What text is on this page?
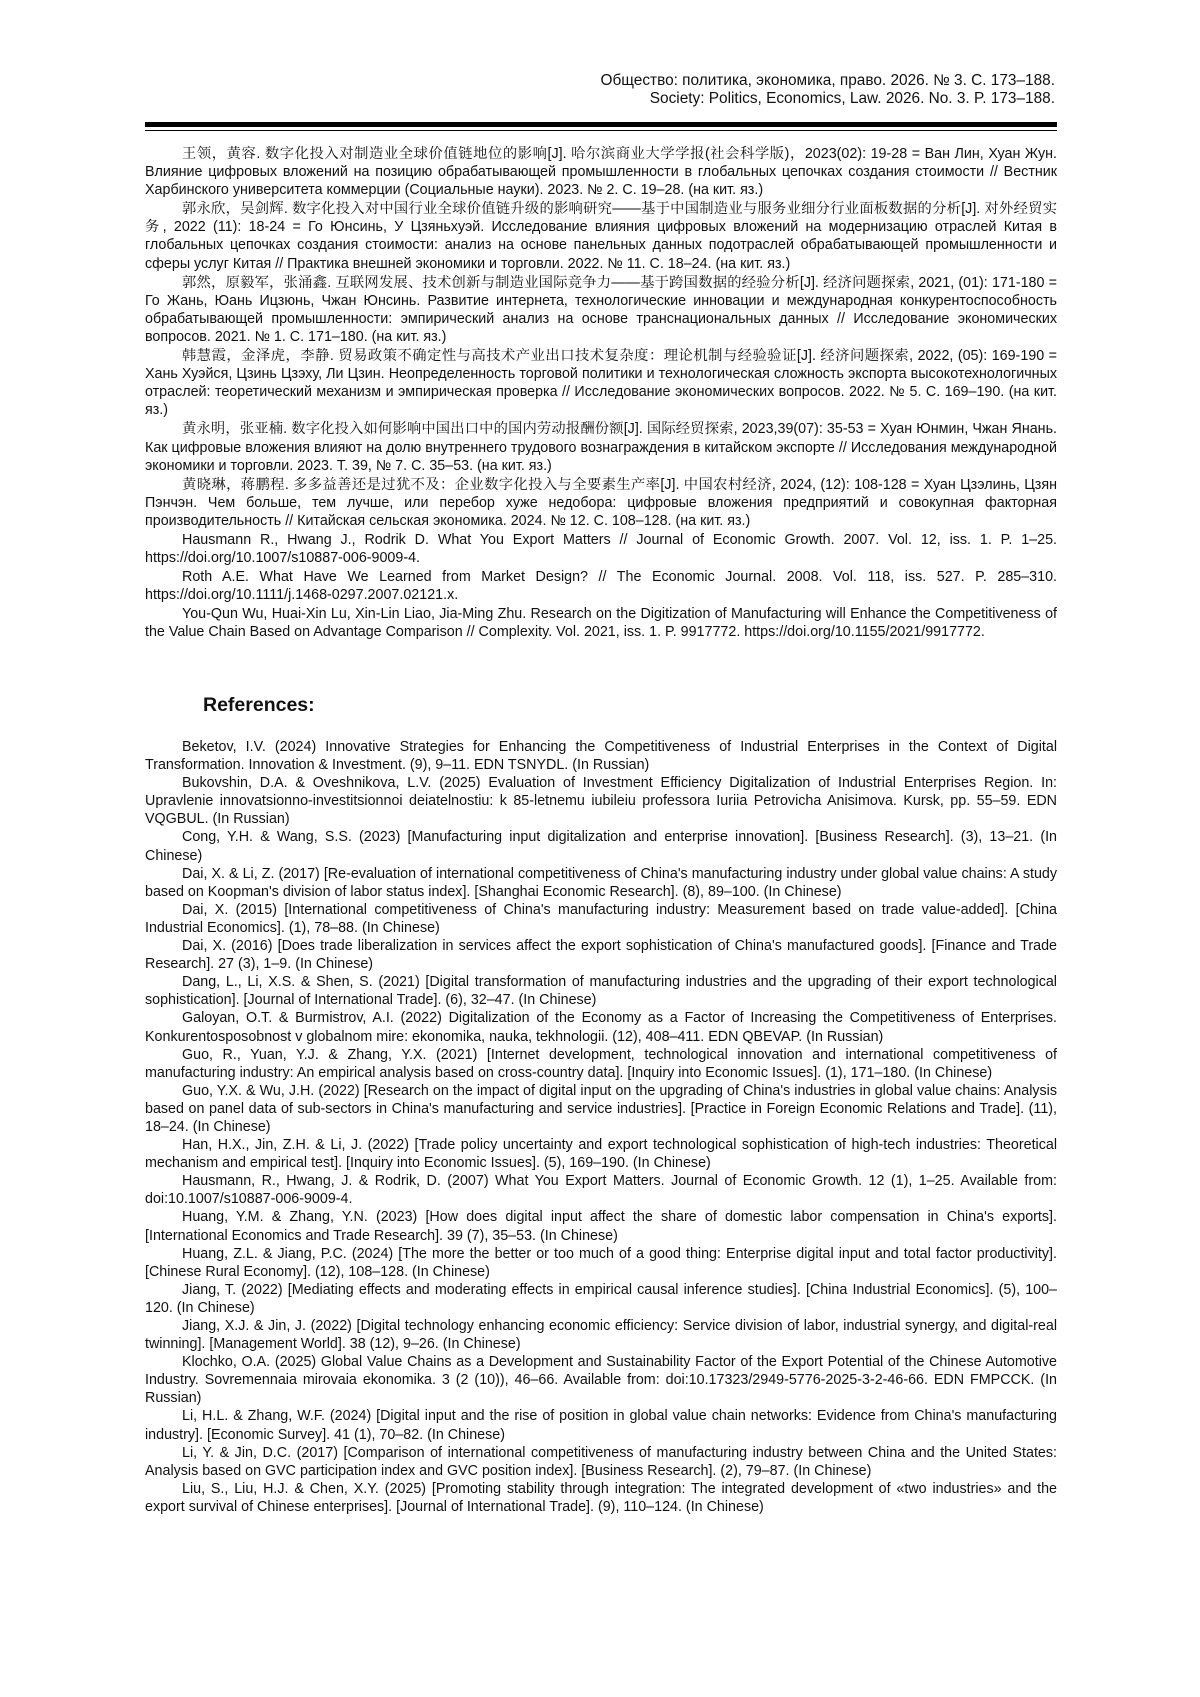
Общество: политика, экономика, право. 2026. № 3. С. 173–188.
Society: Politics, Economics, Law. 2026. No. 3. P. 173–188.

王领，黄容. 数字化投入对制造业全球价值链地位的影响[J]. 哈尔滨商业大学学报(社会科学版)，2023(02): 19-28 = Ван Лин, Хуан Жун. Влияние цифровых вложений на позицию обрабатывающей промышленности в глобальных цепочках создания стоимости // Вестник Харбинского университета коммерции (Социальные науки). 2023. № 2. С. 19–28. (на кит. яз.)

郭永欣，吴剑辉. 数字化投入对中国行业全球价值链升级的影响研究——基于中国制造业与服务业细分行业面板数据的分析[J]. 对外经贸实务, 2022 (11): 18-24 = Го Юнсинь, У Цзяньхуэй. Исследование влияния цифровых вложений на модернизацию отраслей Китая в глобальных цепочках создания стоимости: анализ на основе панельных данных подотраслей обрабатывающей промышленности и сферы услуг Китая // Практика внешней экономики и торговли. 2022. № 11. С. 18–24. (на кит. яз.)

郭然，原毅军，张涌鑫. 互联网发展、技术创新与制造业国际竞争力——基于跨国数据的经验分析[J]. 经济问题探索, 2021, (01): 171-180 = Го Жань, Юань Ицзюнь, Чжан Юнсинь. Развитие интернета, технологические инновации и международная конкурентоспособность обрабатывающей промышленности: эмпирический анализ на основе транснациональных данных // Исследование экономических вопросов. 2021. № 1. С. 171–180. (на кит. яз.)

韩慧霞，金泽虎，李静. 贸易政策不确定性与高技术产业出口技术复杂度：理论机制与经验验证[J]. 经济问题探索, 2022, (05): 169-190 = Хань Хуэйся, Цзинь Цзэху, Ли Цзин. Неопределенность торговой политики и технологическая сложность экспорта высокотехнологичных отраслей: теоретический механизм и эмпирическая проверка // Исследование экономических вопросов. 2022. № 5. С. 169–190. (на кит. яз.)

黄永明，张亚楠. 数字化投入如何影响中国出口中的国内劳动报酬份额[J]. 国际经贸探索, 2023,39(07): 35-53 = Хуан Юнмин, Чжан Янань. Как цифровые вложения влияют на долю внутреннего трудового вознаграждения в китайском экспорте // Исследования международной экономики и торговли. 2023. Т. 39, № 7. С. 35–53. (на кит. яз.)

黄晓琳，蒋鹏程. 多多益善还是过犹不及：企业数字化投入与全要素生产率[J]. 中国农村经济, 2024, (12): 108-128 = Хуан Цзэлинь, Цзян Пэнчэн. Чем больше, тем лучше, или перебор хуже недобора: цифровые вложения предприятий и совокупная факторная производительность // Китайская сельская экономика. 2024. № 12. С. 108–128. (на кит. яз.)

Hausmann R., Hwang J., Rodrik D. What You Export Matters // Journal of Economic Growth. 2007. Vol. 12, iss. 1. P. 1–25. https://doi.org/10.1007/s10887-006-9009-4.

Roth A.E. What Have We Learned from Market Design? // The Economic Journal. 2008. Vol. 118, iss. 527. P. 285–310. https://doi.org/10.1111/j.1468-0297.2007.02121.x.

You-Qun Wu, Huai-Xin Lu, Xin-Lin Liao, Jia-Ming Zhu. Research on the Digitization of Manufacturing will Enhance the Competitiveness of the Value Chain Based on Advantage Comparison // Complexity. Vol. 2021, iss. 1. P. 9917772. https://doi.org/10.1155/2021/9917772.

References:

Beketov, I.V. (2024) Innovative Strategies for Enhancing the Competitiveness of Industrial Enterprises in the Context of Digital Transformation. Innovation & Investment. (9), 9–11. EDN TSNYDL. (In Russian)

Bukovshin, D.A. & Oveshnikova, L.V. (2025) Evaluation of Investment Efficiency Digitalization of Industrial Enterprises Region. In: Upravlenie innovatsionno-investitsionnoi deiatelnostiu: k 85-letnemu iubileiu professora Iuriia Petrovicha Anisimova. Kursk, pp. 55–59. EDN VQGBUL. (In Russian)

Cong, Y.H. & Wang, S.S. (2023) [Manufacturing input digitalization and enterprise innovation]. [Business Research]. (3), 13–21. (In Chinese)

Dai, X. & Li, Z. (2017) [Re-evaluation of international competitiveness of China's manufacturing industry under global value chains: A study based on Koopman's division of labor status index]. [Shanghai Economic Research]. (8), 89–100. (In Chinese)

Dai, X. (2015) [International competitiveness of China's manufacturing industry: Measurement based on trade value-added]. [China Industrial Economics]. (1), 78–88. (In Chinese)

Dai, X. (2016) [Does trade liberalization in services affect the export sophistication of China's manufactured goods]. [Finance and Trade Research]. 27 (3), 1–9. (In Chinese)

Dang, L., Li, X.S. & Shen, S. (2021) [Digital transformation of manufacturing industries and the upgrading of their export technological sophistication]. [Journal of International Trade]. (6), 32–47. (In Chinese)

Galoyan, O.T. & Burmistrov, A.I. (2022) Digitalization of the Economy as a Factor of Increasing the Competitiveness of Enterprises. Konkurentosposobnost v globalnom mire: ekonomika, nauka, tekhnologii. (12), 408–411. EDN QBEVAP. (In Russian)

Guo, R., Yuan, Y.J. & Zhang, Y.X. (2021) [Internet development, technological innovation and international competitiveness of manufacturing industry: An empirical analysis based on cross-country data]. [Inquiry into Economic Issues]. (1), 171–180. (In Chinese)

Guo, Y.X. & Wu, J.H. (2022) [Research on the impact of digital input on the upgrading of China's industries in global value chains: Analysis based on panel data of sub-sectors in China's manufacturing and service industries]. [Practice in Foreign Economic Relations and Trade]. (11), 18–24. (In Chinese)

Han, H.X., Jin, Z.H. & Li, J. (2022) [Trade policy uncertainty and export technological sophistication of high-tech industries: Theoretical mechanism and empirical test]. [Inquiry into Economic Issues]. (5), 169–190. (In Chinese)

Hausmann, R., Hwang, J. & Rodrik, D. (2007) What You Export Matters. Journal of Economic Growth. 12 (1), 1–25. Available from: doi:10.1007/s10887-006-9009-4.

Huang, Y.M. & Zhang, Y.N. (2023) [How does digital input affect the share of domestic labor compensation in China's exports]. [International Economics and Trade Research]. 39 (7), 35–53. (In Chinese)

Huang, Z.L. & Jiang, P.C. (2024) [The more the better or too much of a good thing: Enterprise digital input and total factor productivity]. [Chinese Rural Economy]. (12), 108–128. (In Chinese)

Jiang, T. (2022) [Mediating effects and moderating effects in empirical causal inference studies]. [China Industrial Economics]. (5), 100–120. (In Chinese)

Jiang, X.J. & Jin, J. (2022) [Digital technology enhancing economic efficiency: Service division of labor, industrial synergy, and digital-real twinning]. [Management World]. 38 (12), 9–26. (In Chinese)

Klochko, O.A. (2025) Global Value Chains as a Development and Sustainability Factor of the Export Potential of the Chinese Automotive Industry. Sovremennaia mirovaia ekonomika. 3 (2 (10)), 46–66. Available from: doi:10.17323/2949-5776-2025-3-2-46-66. EDN FMPCCK. (In Russian)

Li, H.L. & Zhang, W.F. (2024) [Digital input and the rise of position in global value chain networks: Evidence from China's manufacturing industry]. [Economic Survey]. 41 (1), 70–82. (In Chinese)

Li, Y. & Jin, D.C. (2017) [Comparison of international competitiveness of manufacturing industry between China and the United States: Analysis based on GVC participation index and GVC position index]. [Business Research]. (2), 79–87. (In Chinese)

Liu, S., Liu, H.J. & Chen, X.Y. (2025) [Promoting stability through integration: The integrated development of «two industries» and the export survival of Chinese enterprises]. [Journal of International Trade]. (9), 110–124. (In Chinese)
